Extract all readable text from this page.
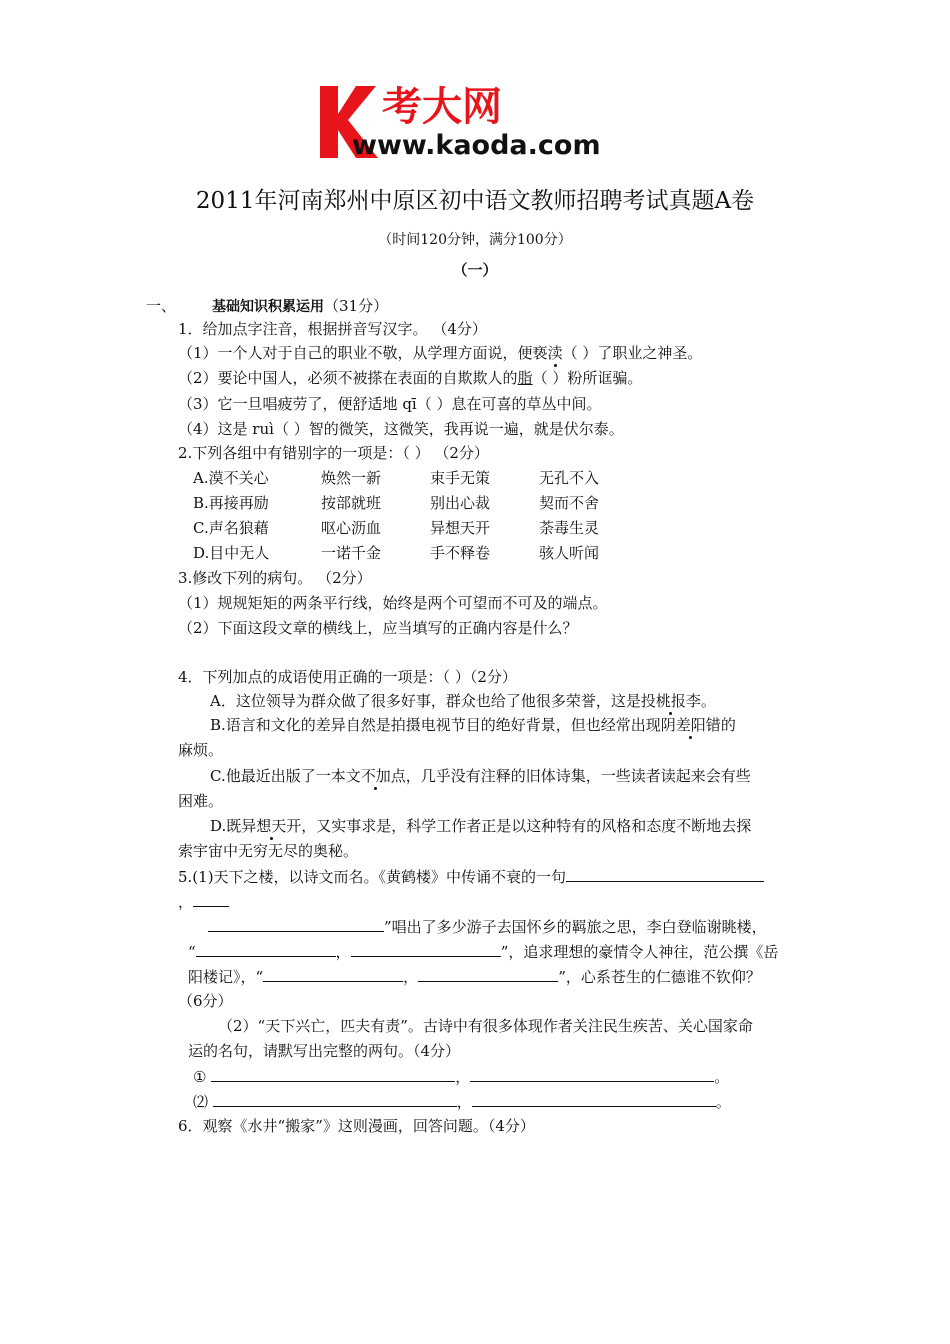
考大网
www.kaoda.com
2011年河南郑州中原区初中语文教师招聘考试真题A卷
（时间120分钟，满分100分）
（一）
一、	基础知识积累运用（31分）
1．给加点字注音，根据拼音写汉字。 （4分）
（1）一个人对于自己的职业不敬，从学理方面说，便亵渎（ ）了职业之神圣。
（2）要论中国人，必须不被搽在表面的自欺欺人的脂（ ）粉所诓骗。
（3）它一旦唱疲劳了，便舒适地 qī（ ）息在可喜的草丛中间。
（4）这是 ruì（ ）智的微笑，这微笑，我再说一遍，就是伏尔泰。
2.下列各组中有错别字的一项是：（ ） （2分）
A.漠不关心	焕然一新	束手无策	无孔不入
B.再接再励	按部就班	别出心裁	契而不舍
C.声名狼藉	呕心沥血	异想天开	荼毒生灵
D.目中无人	一诺千金	手不释卷	骇人听闻
3.修改下列的病句。 （2分）
（1）规规矩矩的两条平行线，始终是两个可望而不可及的端点。
（2）下面这段文章的横线上，应当填写的正确内容是什么？
4．下列加点的成语使用正确的一项是：（ ）（2分）
A．这位领导为群众做了很多好事，群众也给了他很多荣誉，这是投桃报李。
B.语言和文化的差异自然是拍摄电视节目的绝好背景，但也经常出现阴差阳错的
麻烦。
C.他最近出版了一本文不加点，几乎没有注释的旧体诗集，一些读者读起来会有些
困难。
D.既异想天开，又实事求是，科学工作者正是以这种特有的风格和态度不断地去探
索宇宙中无穷无尽的奥秘。
5.(1)天下之楼，以诗文而名。《黄鹤楼》中传诵不衰的一句
，
”唱出了多少游子去国怀乡的羁旅之思，李白登临谢眺楼，
“	，	”，追求理想的豪情令人神往，范公撰《岳
阳楼记》，“	，	”，心系苍生的仁德谁不钦仰？
（6分）
（2）“天下兴亡，匹夫有责”。古诗中有很多体现作者关注民生疾苦、关心国家命
运的名句，请默写出完整的两句。（4分）
①	，	。
⑵	，	。
6．观察《水井“搬家”》这则漫画，回答问题。（4分）
